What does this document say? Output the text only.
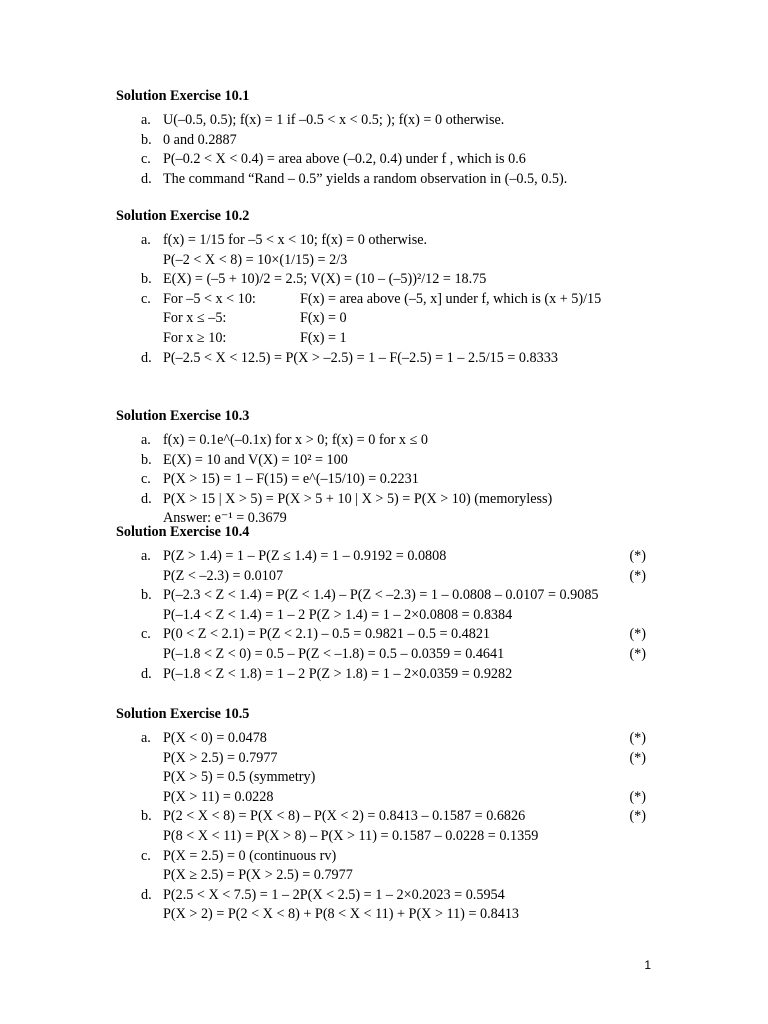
Solution Exercise 10.1
a. U(–0.5, 0.5); f(x) = 1 if –0.5 < x < 0.5; ); f(x) = 0 otherwise.
b. 0 and 0.2887
c. P(–0.2 < X < 0.4) = area above (–0.2, 0.4) under f , which is 0.6
d. The command “Rand – 0.5” yields a random observation in (–0.5, 0.5).
Solution Exercise 10.2
a. f(x) = 1/15 for –5 < x < 10; f(x) = 0 otherwise.
P(–2 < X < 8) = 10×(1/15) = 2/3
b. E(X) = (–5 + 10)/2 = 2.5; V(X) = (10 – (–5))²/12 = 18.75
c. For –5 < x < 10:	F(x) = area above (–5, x] under f, which is (x + 5)/15
For x ≤ –5:	F(x) = 0
For x ≥ 10:	F(x) = 1
d. P(–2.5 < X < 12.5) = P(X > –2.5) = 1 – F(–2.5) = 1 – 2.5/15 = 0.8333
Solution Exercise 10.3
a. f(x) = 0.1e^(–0.1x) for x > 0; f(x) = 0 for x ≤ 0
b. E(X) = 10 and V(X) = 10² = 100
c. P(X > 15) = 1 – F(15) = e^(–15/10) = 0.2231
d. P(X > 15 | X > 5) = P(X > 5 + 10 | X > 5) = P(X > 10) (memoryless)
Answer: e⁻¹ = 0.3679
Solution Exercise 10.4
a. P(Z > 1.4) = 1 – P(Z ≤ 1.4) = 1 – 0.9192 = 0.0808	(*)
P(Z < –2.3) = 0.0107	(*)
b. P(–2.3 < Z < 1.4) = P(Z < 1.4) – P(Z < –2.3) = 1 – 0.0808 – 0.0107 = 0.9085
P(–1.4 < Z < 1.4) = 1 – 2 P(Z > 1.4) = 1 – 2×0.0808 = 0.8384
c. P(0 < Z < 2.1) = P(Z < 2.1) – 0.5 = 0.9821 – 0.5 = 0.4821	(*)
P(–1.8 < Z < 0) = 0.5 – P(Z < –1.8) = 0.5 – 0.0359 = 0.4641	(*)
d. P(–1.8 < Z < 1.8) = 1 – 2 P(Z > 1.8) = 1 – 2×0.0359 = 0.9282
Solution Exercise 10.5
a. P(X < 0) = 0.0478	(*)
P(X > 2.5) = 0.7977	(*)
P(X > 5) = 0.5 (symmetry)
P(X > 11) = 0.0228	(*)
b. P(2 < X < 8) = P(X < 8) – P(X < 2) = 0.8413 – 0.1587 = 0.6826	(*)
P(8 < X < 11) = P(X > 8) – P(X > 11) = 0.1587 – 0.0228 = 0.1359
c. P(X = 2.5) = 0 (continuous rv)
P(X ≥ 2.5) = P(X > 2.5) = 0.7977
d. P(2.5 < X < 7.5) = 1 – 2P(X < 2.5) = 1 – 2×0.2023 = 0.5954
P(X > 2) = P(2 < X < 8) + P(8 < X < 11) + P(X > 11) = 0.8413
1
